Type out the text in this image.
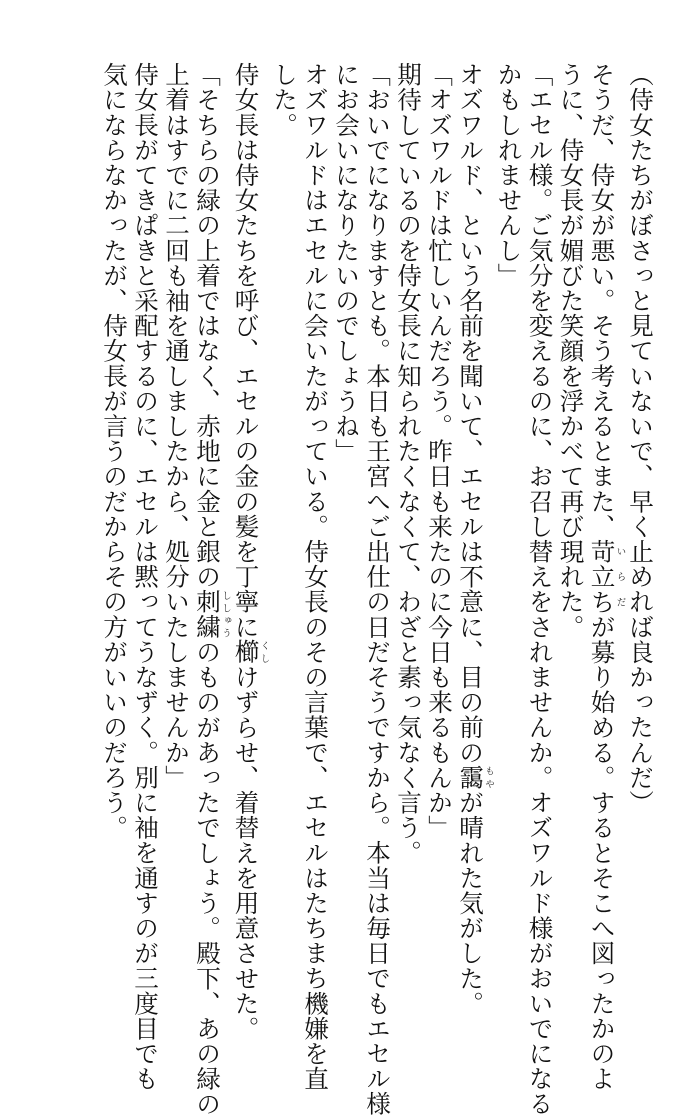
（侍女たちがぼさっと見ていないで、早く止めれば良かったんだ）

そうだ、侍女が悪い。そう考えるとまた、苛立ちいらだが募り始める。するとそこへ図ったかのよ

うに、侍女長が媚びた笑顔を浮かべて再び現れた。

「エセル様。ご気分を変えるのに、お召し替えをされませんか。オズワルド様がおいでになる

かもしれませんし」

オズワルド、という名前を聞いて、エセルは不意に、目の前の靄もやが晴れた気がした。

「オズワルドは忙しいんだろう。昨日も来たのに今日も来るもんか」

期待しているのを侍女長に知られたくなくて、わざと素っ気なく言う。

「おいでになりますとも。本日も王宮へご出仕の日だそうですから。本当は毎日でもエセル様

にお会いになりたいのでしょうね」

オズワルドはエセルに会いたがっている。侍女長のその言葉で、エセルはたちまち機嫌を直

した。

侍女長は侍女たちを呼び、エセルの金の髪を丁寧に櫛くしけずらせ、着替えを用意させた。

「そちらの緑の上着ではなく、赤地に金と銀の刺繍ししゅうのものがあったでしょう。殿下、あの緑の

上着はすでに二回も袖を通しましたから、処分いたしませんか」

侍女長がてきぱきと采配するのに、エセルは黙ってうなずく。別に袖を通すのが三度目でも

気にならなかったが、侍女長が言うのだからその方がいいのだろう。
